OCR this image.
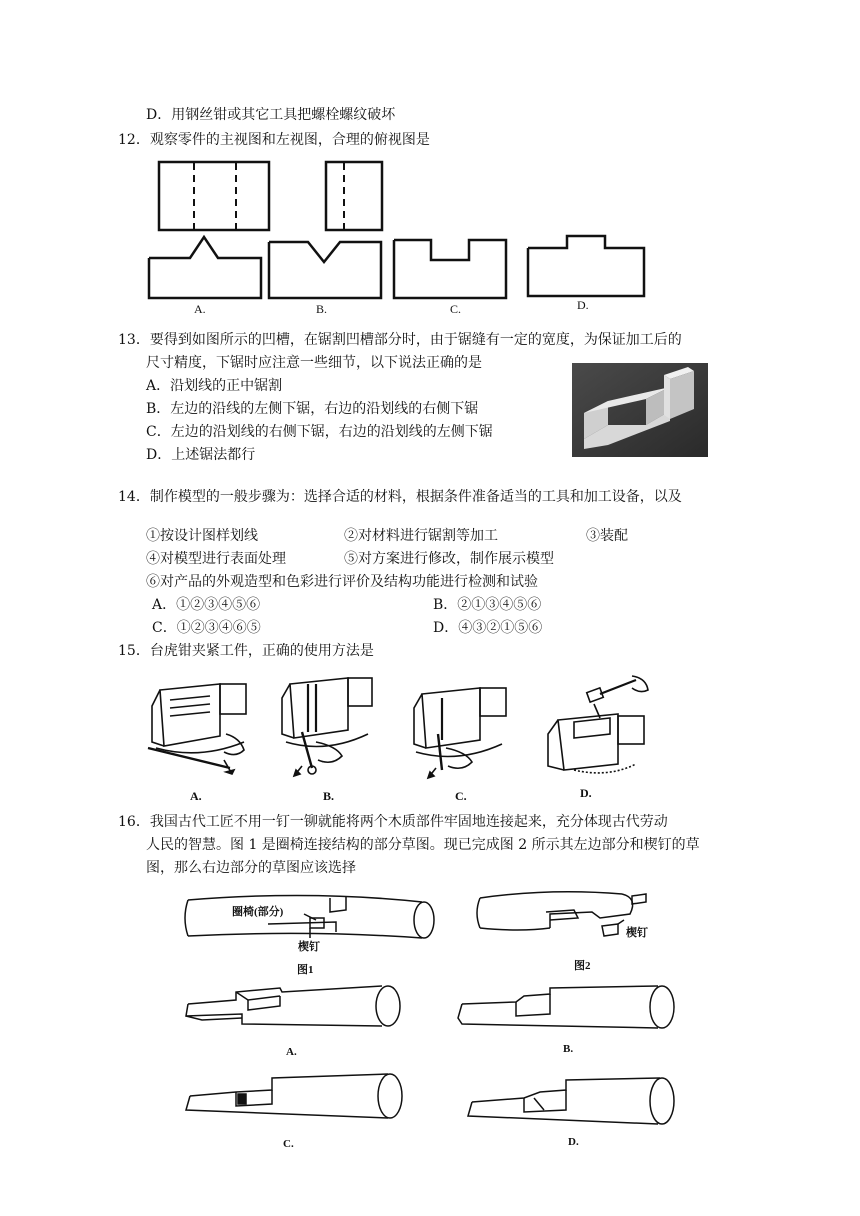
D．用钢丝钳或其它工具把螺栓螺纹破坏
12．观察零件的主视图和左视图，合理的俯视图是
A.	B.	C.	D.
13．要得到如图所示的凹槽，在锯割凹槽部分时，由于锯缝有一定的宽度，为保证加工后的
尺寸精度，下锯时应注意一些细节，以下说法正确的是
A．沿划线的正中锯割
B．左边的沿线的左侧下锯，右边的沿划线的右侧下锯
C．左边的沿划线的右侧下锯，右边的沿划线的左侧下锯
D．上述锯法都行
14．制作模型的一般步骤为：选择合适的材料，根据条件准备适当的工具和加工设备，以及
①按设计图样划线	②对材料进行锯割等加工	③装配
④对模型进行表面处理	⑤对方案进行修改，制作展示模型
⑥对产品的外观造型和色彩进行评价及结构功能进行检测和试验
A．①②③④⑤⑥	B．②①③④⑤⑥
C．①②③④⑥⑤	D．④③②①⑤⑥
15．台虎钳夹紧工件，正确的使用方法是
A.	B.	C.	D.
16．我国古代工匠不用一钉一铆就能将两个木质部件牢固地连接起来，充分体现古代劳动
人民的智慧。图 1 是圈椅连接结构的部分草图。现已完成图 2 所示其左边部分和楔钉的草
图，那么右边部分的草图应该选择
圈椅(部分)
楔钉
图1
楔钉
图2
A.	B.
C.	D.
